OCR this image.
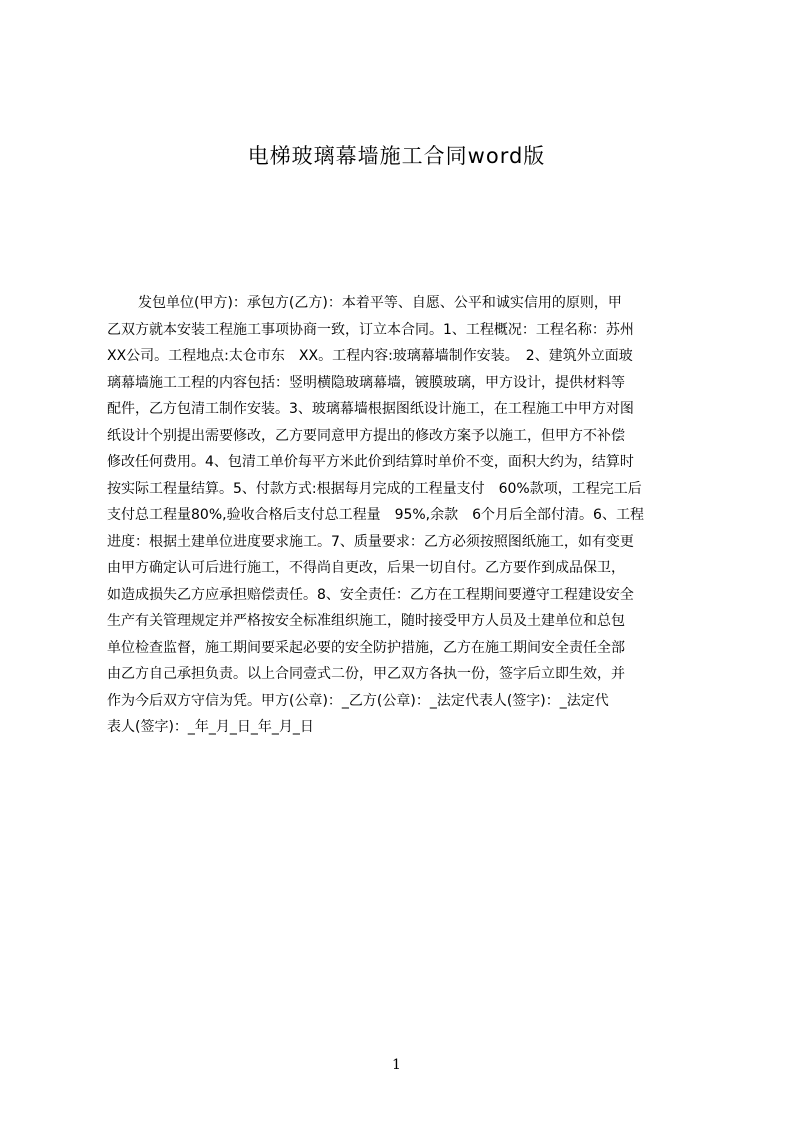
电梯玻璃幕墙施工合同word版
发包单位(甲方)：承包方(乙方)：本着平等、自愿、公平和诚实信用的原则，甲
乙双方就本安装工程施工事项协商一致，订立本合同。1、工程概况：工程名称：苏州
XX公司。工程地点:太仓市东　XX。工程内容:玻璃幕墙制作安装。　2、建筑外立面玻
璃幕墙施工工程的内容包括：竖明横隐玻璃幕墙，镀膜玻璃，甲方设计，提供材料等
配件，乙方包清工制作安装。3、玻璃幕墙根据图纸设计施工，在工程施工中甲方对图
纸设计个别提出需要修改，乙方要同意甲方提出的修改方案予以施工，但甲方不补偿
修改任何费用。4、包清工单价每平方米此价到结算时单价不变，面积大约为，结算时
按实际工程量结算。5、付款方式:根据每月完成的工程量支付　60%款项，工程完工后
支付总工程量80%,验收合格后支付总工程量　95%,余款　6个月后全部付清。6、工程
进度：根据土建单位进度要求施工。7、质量要求：乙方必须按照图纸施工，如有变更
由甲方确定认可后进行施工，不得尚自更改，后果一切自付。乙方要作到成品保卫，
如造成损失乙方应承担赔偿责任。8、安全责任：乙方在工程期间要遵守工程建设安全
生产有关管理规定并严格按安全标准组织施工，随时接受甲方人员及土建单位和总包
单位检查监督，施工期间要采起必要的安全防护措施，乙方在施工期间安全责任全部
由乙方自己承担负责。以上合同壹式二份，甲乙双方各执一份，签字后立即生效，并
作为今后双方守信为凭。甲方(公章)：_乙方(公章)：_法定代表人(签字)：_法定代
表人(签字)：_年_月_日_年_月_日
1
